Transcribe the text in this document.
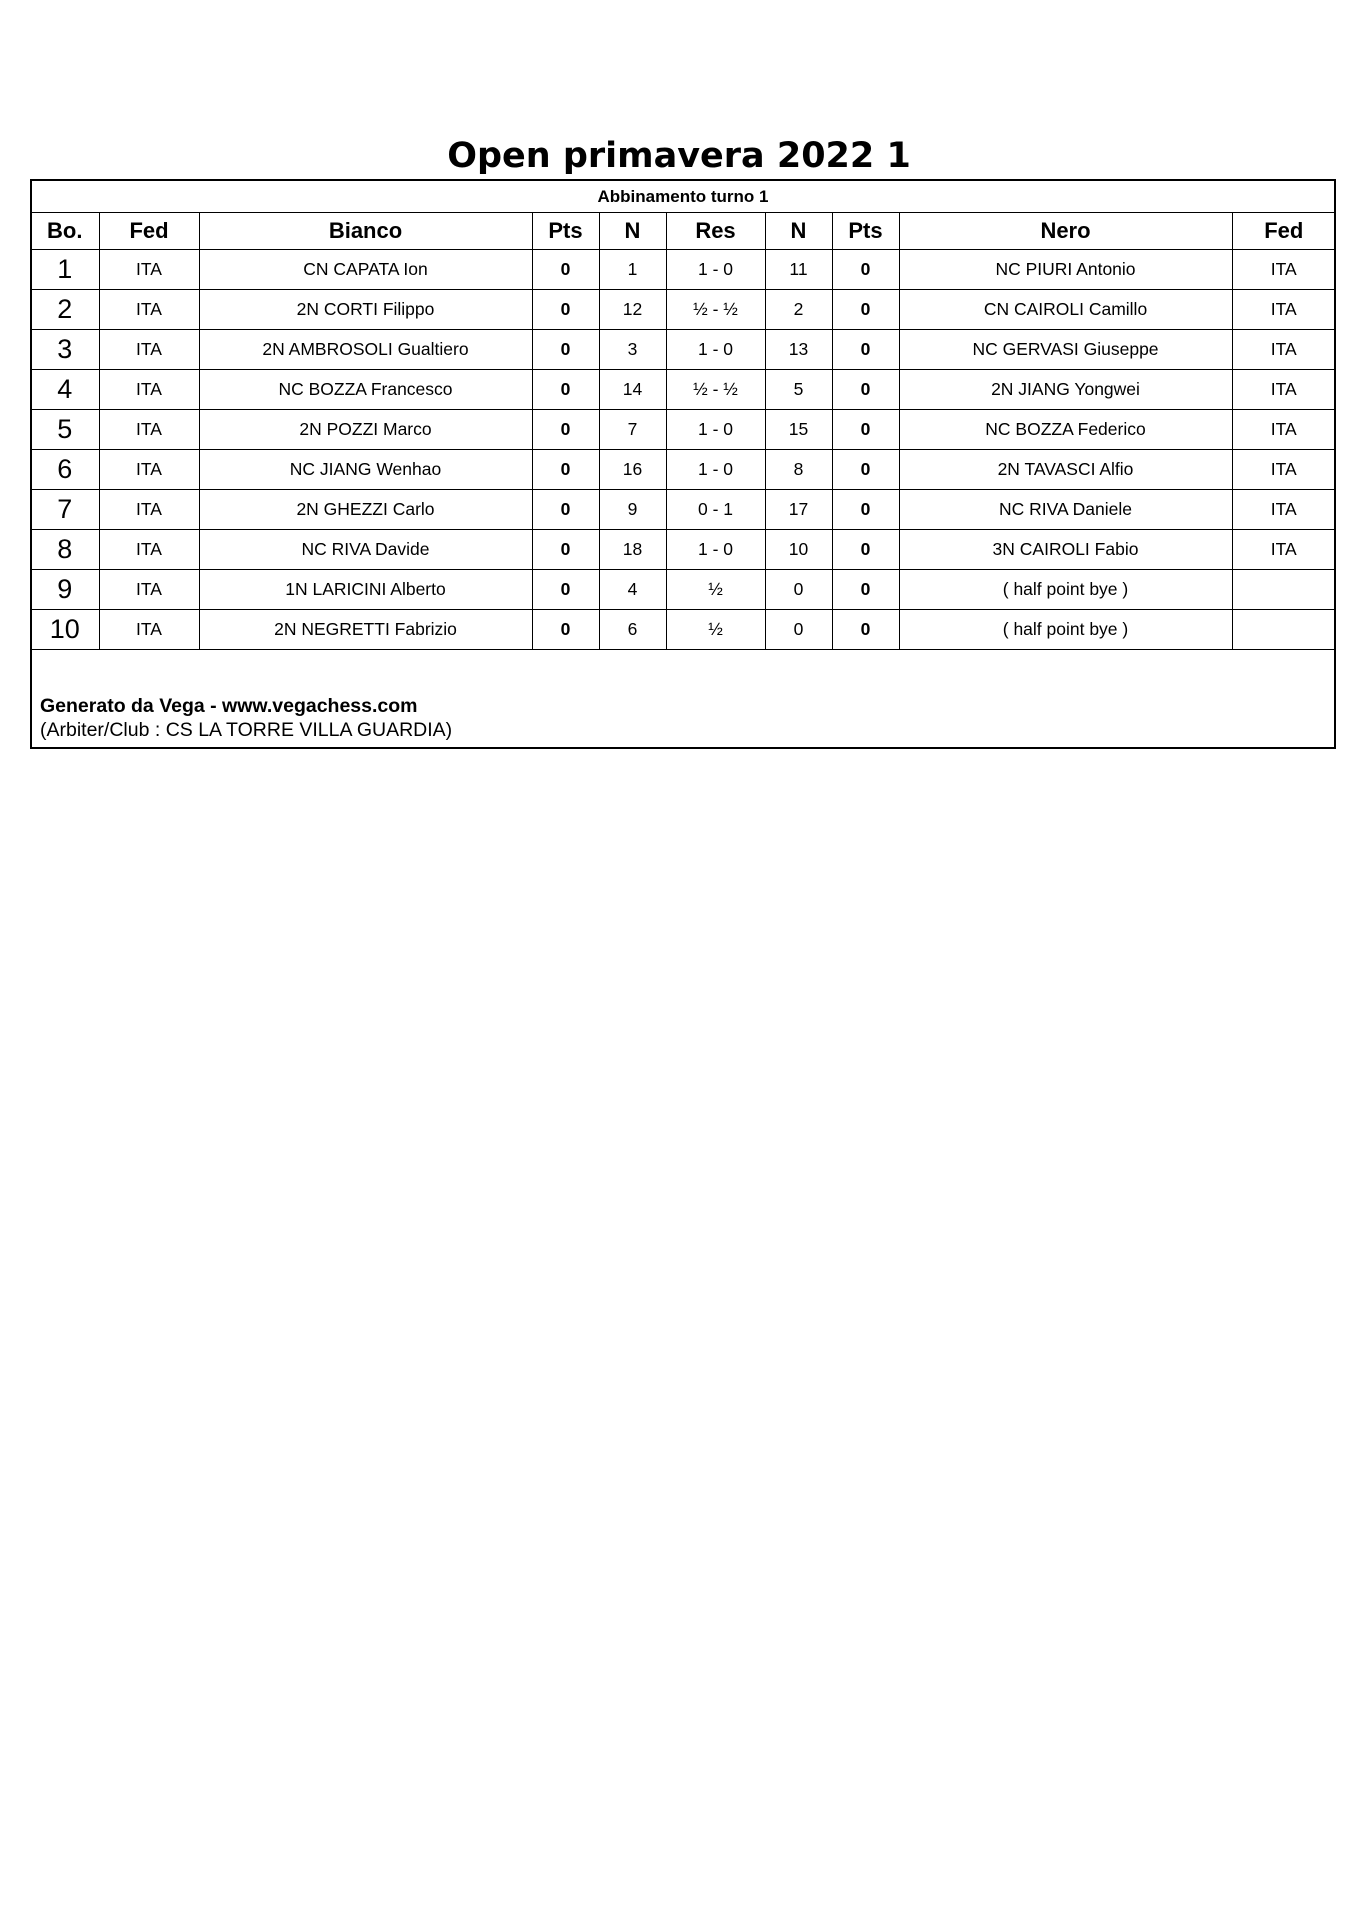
Open primavera 2022 1
Abbinamento turno 1
Bo.	Fed	Bianco	Pts	N	Res	N	Pts	Nero	Fed
1	ITA	CN CAPATA Ion	0	1	1 - 0	11	0	NC PIURI Antonio	ITA
2	ITA	2N CORTI Filippo	0	12	½ - ½	2	0	CN CAIROLI Camillo	ITA
3	ITA	2N AMBROSOLI Gualtiero	0	3	1 - 0	13	0	NC GERVASI Giuseppe	ITA
4	ITA	NC BOZZA Francesco	0	14	½ - ½	5	0	2N JIANG Yongwei	ITA
5	ITA	2N POZZI Marco	0	7	1 - 0	15	0	NC BOZZA Federico	ITA
6	ITA	NC JIANG Wenhao	0	16	1 - 0	8	0	2N TAVASCI Alfio	ITA
7	ITA	2N GHEZZI Carlo	0	9	0 - 1	17	0	NC RIVA Daniele	ITA
8	ITA	NC RIVA Davide	0	18	1 - 0	10	0	3N CAIROLI Fabio	ITA
9	ITA	1N LARICINI Alberto	0	4	½	0	0	( half point bye )	
10	ITA	2N NEGRETTI Fabrizio	0	6	½	0	0	( half point bye )	
Generato da Vega - www.vegachess.com
(Arbiter/Club : CS LA TORRE VILLA GUARDIA)
